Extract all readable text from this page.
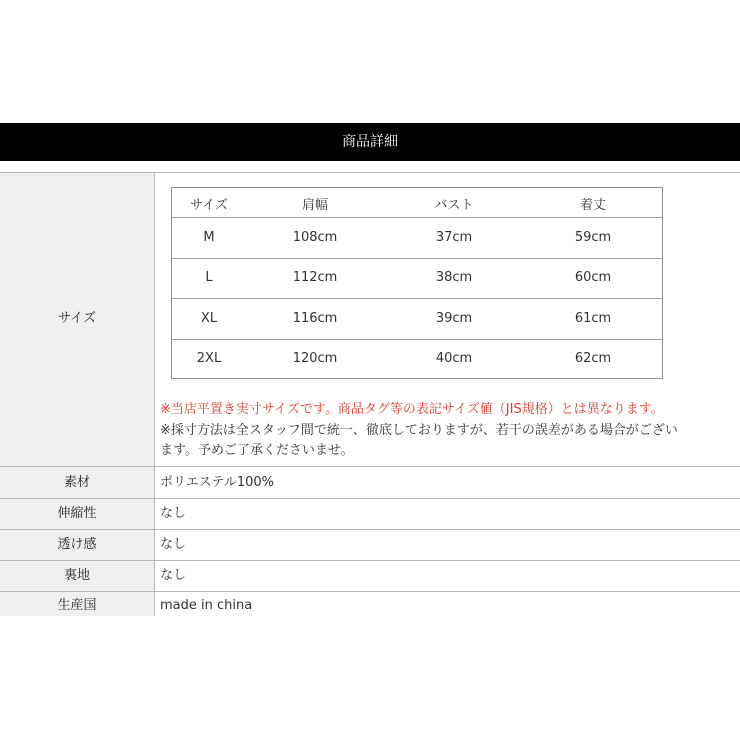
商品詳細
サイズ
サイズ	肩幅	バスト	着丈
M	108cm	37cm	59cm
L	112cm	38cm	60cm
XL	116cm	39cm	61cm
2XL	120cm	40cm	62cm
※当店平置き実寸サイズです。商品タグ等の表記サイズ値（JIS規格）とは異なります。
※採寸方法は全スタッフ間で統一、徹底しておりますが、若干の誤差がある場合がござい
ます。予めご了承くださいませ。
素材	ポリエステル100%
伸縮性	なし
透け感	なし
裏地	なし
生産国	made in china
